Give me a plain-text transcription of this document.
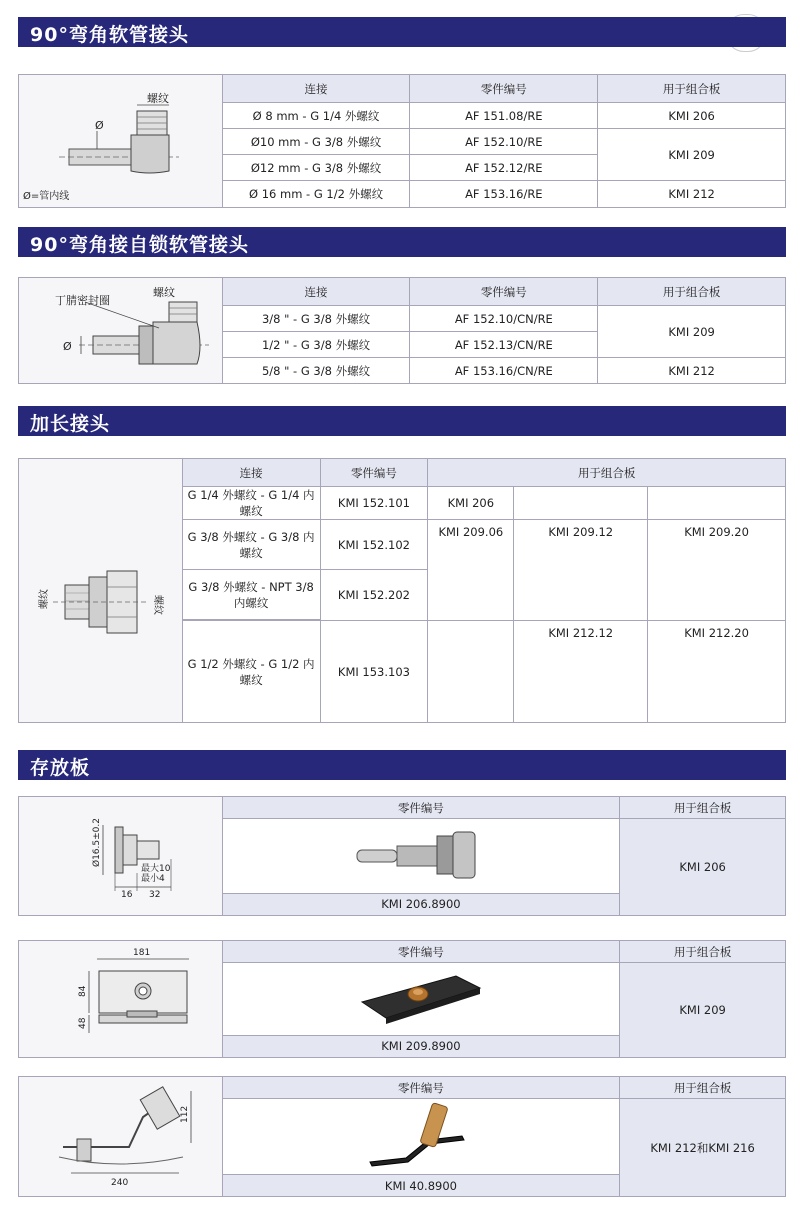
90°弯角软管接头
螺纹
Ø
Ø=管内线	连接	零件编号	用于组合板
	Ø 8 mm - G 1/4 外螺纹	AF 151.08/RE	KMI 206
	Ø10 mm - G 3/8 外螺纹	AF 152.10/RE	KMI 209
	Ø12 mm - G 3/8 外螺纹	AF 152.12/RE	
	Ø 16 mm - G 1/2 外螺纹	AF 153.16/RE	KMI 212
90°弯角接自锁软管接头
丁腈密封圈
螺纹
Ø	连接	零件编号	用于组合板
	3/8 " - G 3/8 外螺纹	AF 152.10/CN/RE	KMI 209
	1/2 " - G 3/8 外螺纹	AF 152.13/CN/RE	
	5/8 " - G 3/8 外螺纹	AF 153.16/CN/RE	KMI 212
加长接头
螺纹 螺纹	连接	零件编号	用于组合板		
	G 1/4 外螺纹 - G 1/4 内螺纹	KMI 152.101	KMI 206		
	G 3/8 外螺纹 - G 3/8 内螺纹	KMI 152.102	KMI 209.06	KMI 209.12	KMI 209.20
	G 3/8 外螺纹 - NPT 3/8 内螺纹	KMI 152.202			

	G 1/2 外螺纹 - G 1/2 内螺纹	KMI 153.103		KMI 212.12	KMI 212.20

存放板
Ø16.5±0.2
16 32
最大10
最小4	零件编号	用于组合板
	KMI 206
	KMI 206.8900	
181
84
48	零件编号	用于组合板
	KMI 209
	KMI 209.8900	
240
112	零件编号	用于组合板
	KMI 212和KMI 216
	KMI 40.8900	
